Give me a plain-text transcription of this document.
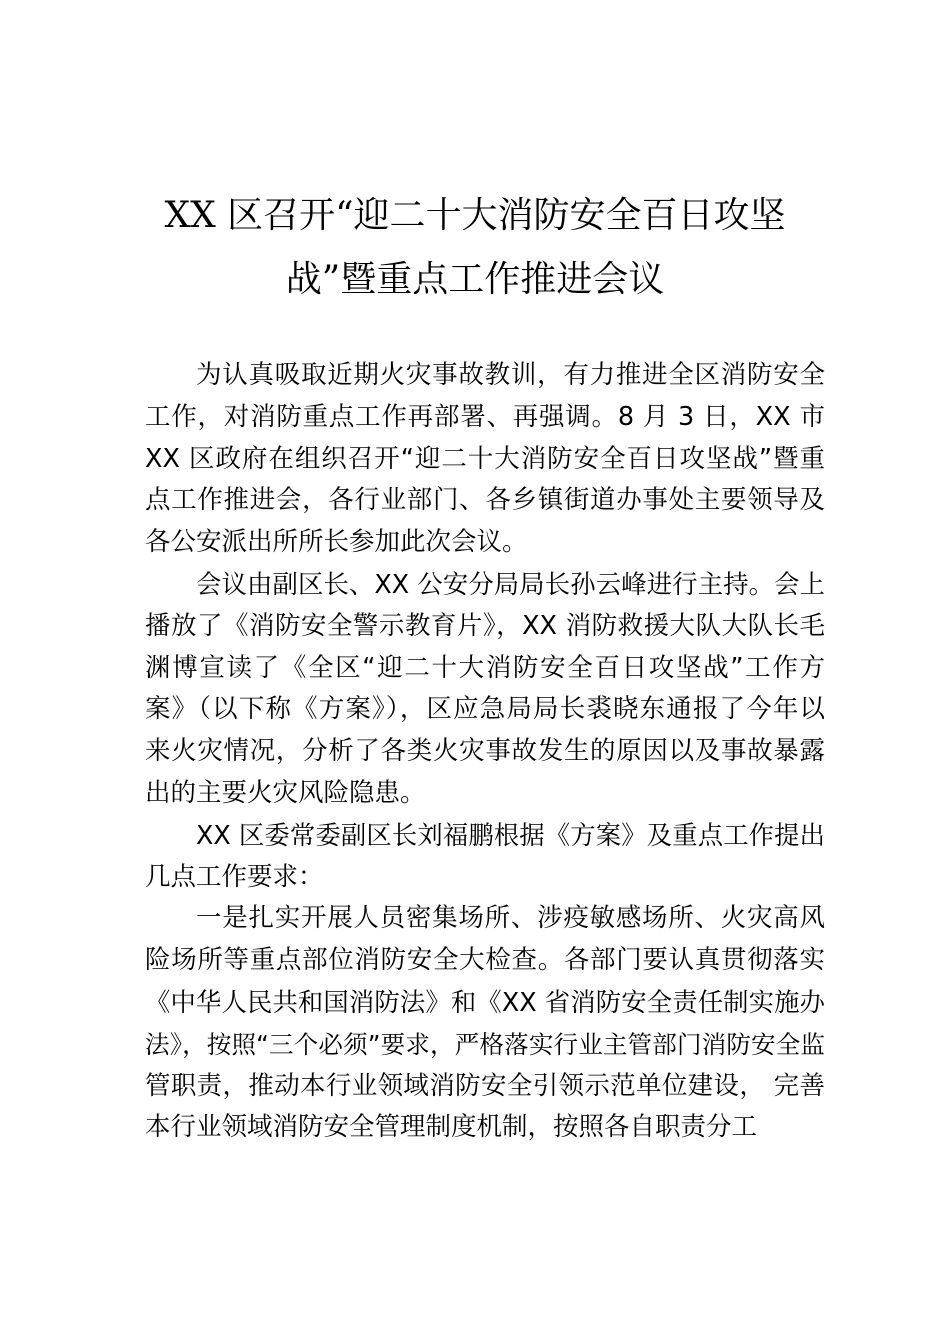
XX 区召开“迎二十大消防安全百日攻坚
战”暨重点工作推进会议

为认真吸取近期火灾事故教训，有力推进全区消防安全
工作，对消防重点工作再部署、再强调。8 月 3 日，XX 市
XX 区政府在组织召开“迎二十大消防安全百日攻坚战”暨重
点工作推进会，各行业部门、各乡镇街道办事处主要领导及
各公安派出所所长参加此次会议。

会议由副区长、XX 公安分局局长孙云峰进行主持。会上
播放了《消防安全警示教育片》，XX 消防救援大队大队长毛
渊博宣读了《全区“迎二十大消防安全百日攻坚战”工作方
案》（以下称《方案》），区应急局局长裘晓东通报了今年以
来火灾情况，分析了各类火灾事故发生的原因以及事故暴露
出的主要火灾风险隐患。

XX 区委常委副区长刘福鹏根据《方案》及重点工作提出
几点工作要求：

一是扎实开展人员密集场所、涉疫敏感场所、火灾高风
险场所等重点部位消防安全大检查。各部门要认真贯彻落实
《中华人民共和国消防法》和《XX 省消防安全责任制实施办
法》，按照“三个必须”要求，严格落实行业主管部门消防安全监
管职责，推动本行业领域消防安全引领示范单位建设， 完善
本行业领域消防安全管理制度机制，按照各自职责分工
